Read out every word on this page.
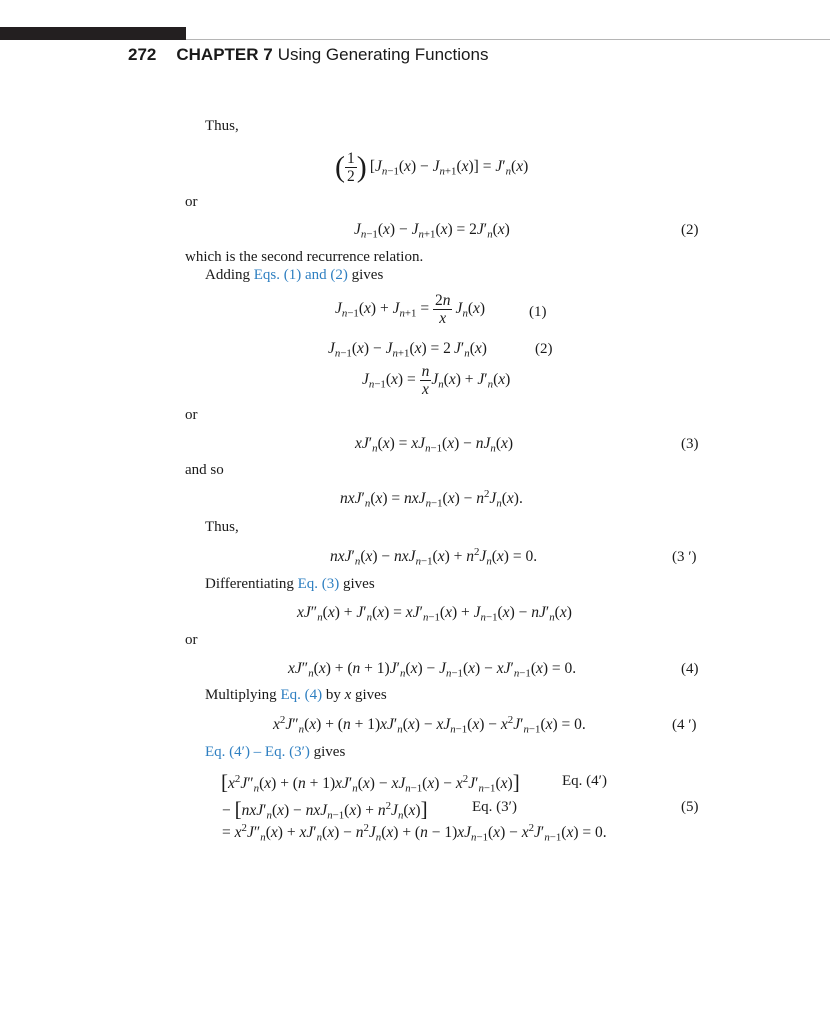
272 CHAPTER 7 Using Generating Functions
Thus,
( $\frac{1}{2}$ ) $[J_{n-1}(x) - J_{n+1}(x)] = J'_n(x)$
or
$J_{n-1}(x) - J_{n+1}(x) = 2J'_n(x)$	(2)
which is the second recurrence relation.
Adding Eqs. (1) and (2) gives
$J_{n-1}(x) + J_{n+1} = \frac{2n}{x}$
  $J_n(x)$	(1)
$J_{n-1}(x) - J_{n+1}(x) = 2$ $J'_n(x)$	(2)
$J_{n-1}(x) = \frac{n}{x} J_n(x) + J'_n(x)$
or
$xJ'_n(x) = xJ_{n-1}(x) - nJ_n(x)$	(3)
and so
$nxJ'_n(x) = nxJ_{n-1}(x) - n^2J_n(x)$.
Thus,
$nxJ'_n(x) - nxJ_{n-1}(x) + n^2J_n(x) = 0$.	(3 ′)
Differentiating Eq. (3) gives
$xJ''_n(x) + J'_n(x) = xJ'_{n-1}(x) + J_{n-1}(x) - nJ'_n(x)$
or
$xJ''_n(x) + (n + 1)J'_n(x) - J_{n-1}(x) - xJ'_{n-1}(x) = 0$.	(4)
Multiplying Eq. (4) by x gives
$x^2J''_n(x) + (n + 1)xJ'_n(x) - xJ_{n-1}(x) - x^2J'_{n-1}(x) = 0$.	(4 ′)
Eq. (4′) – Eq. (3′) gives
$[x^2J''_n(x) + (n + 1)xJ'_n(x) - xJ_{n-1}(x) - x^2J'_{n-1}(x)]$	Eq. (4′)
− $[nxJ'_n(x) - nxJ_{n-1}(x) + n^2J_n(x)]$	Eq. (3′)	(5)
= $x^2J''_n(x) + xJ'_n(x) - n^2J_n(x) + (n - 1)xJ_{n-1}(x) - x^2J'_{n-1}(x) = 0$.
